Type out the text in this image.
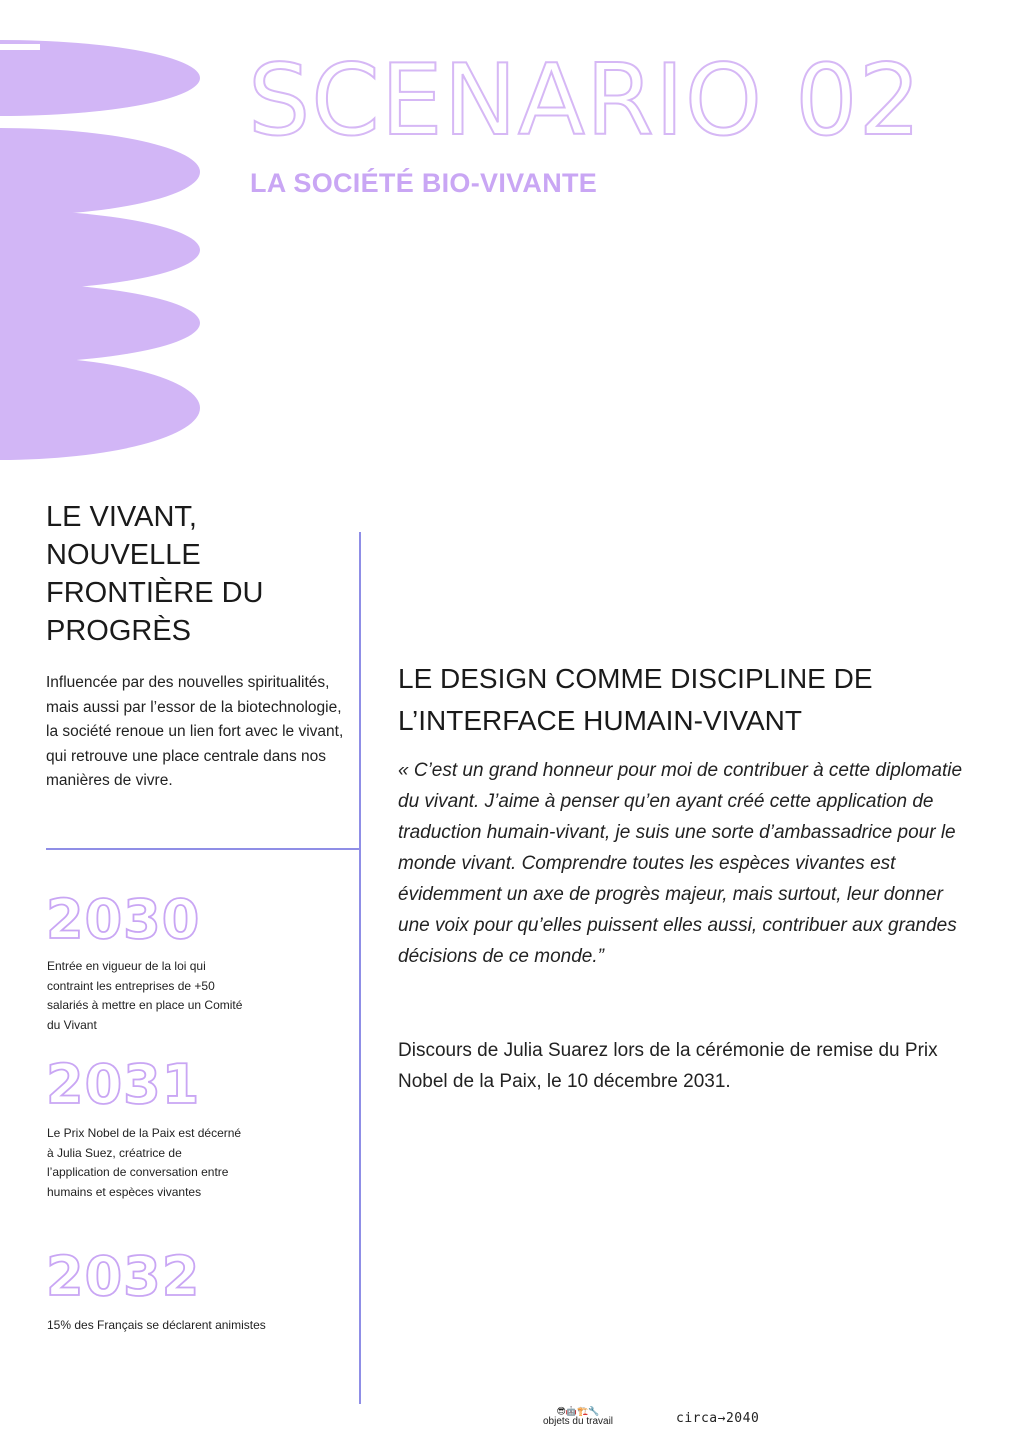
SCENARIO 02
LA SOCIÉTÉ BIO-VIVANTE
LE VIVANT, NOUVELLE FRONTIÈRE DU PROGRÈS

Influencée par des nouvelles spiritualités, mais aussi par l’essor de la biotechnologie, la société renoue un lien fort avec le vivant, qui retrouve une place centrale dans nos manières de vivre.

2030

Entrée en vigueur de la loi qui contraint les entreprises de +50 salariés à mettre en place un Comité du Vivant

2031

Le Prix Nobel de la Paix est décerné à Julia Suez, créatrice de l’application de conversation entre humains et espèces vivantes

2032

15% des Français se déclarent animistes

LE DESIGN COMME DISCIPLINE DE L’INTERFACE HUMAIN-VIVANT

« C’est un grand honneur pour moi de contribuer à cette diplomatie du vivant. J’aime à penser qu’en ayant créé cette application de traduction humain-vivant, je suis une sorte d’ambassadrice pour le monde vivant. Comprendre toutes les espèces vivantes est évidemment un axe de progrès majeur, mais surtout, leur donner une voix pour qu’elles puissent elles aussi, contribuer aux grandes décisions de ce monde.”

Discours de Julia Suarez lors de la cérémonie de remise du Prix Nobel de la Paix, le 10 décembre 2031.

😎🤖🏗️🔧
objets du travail	circa→2040
